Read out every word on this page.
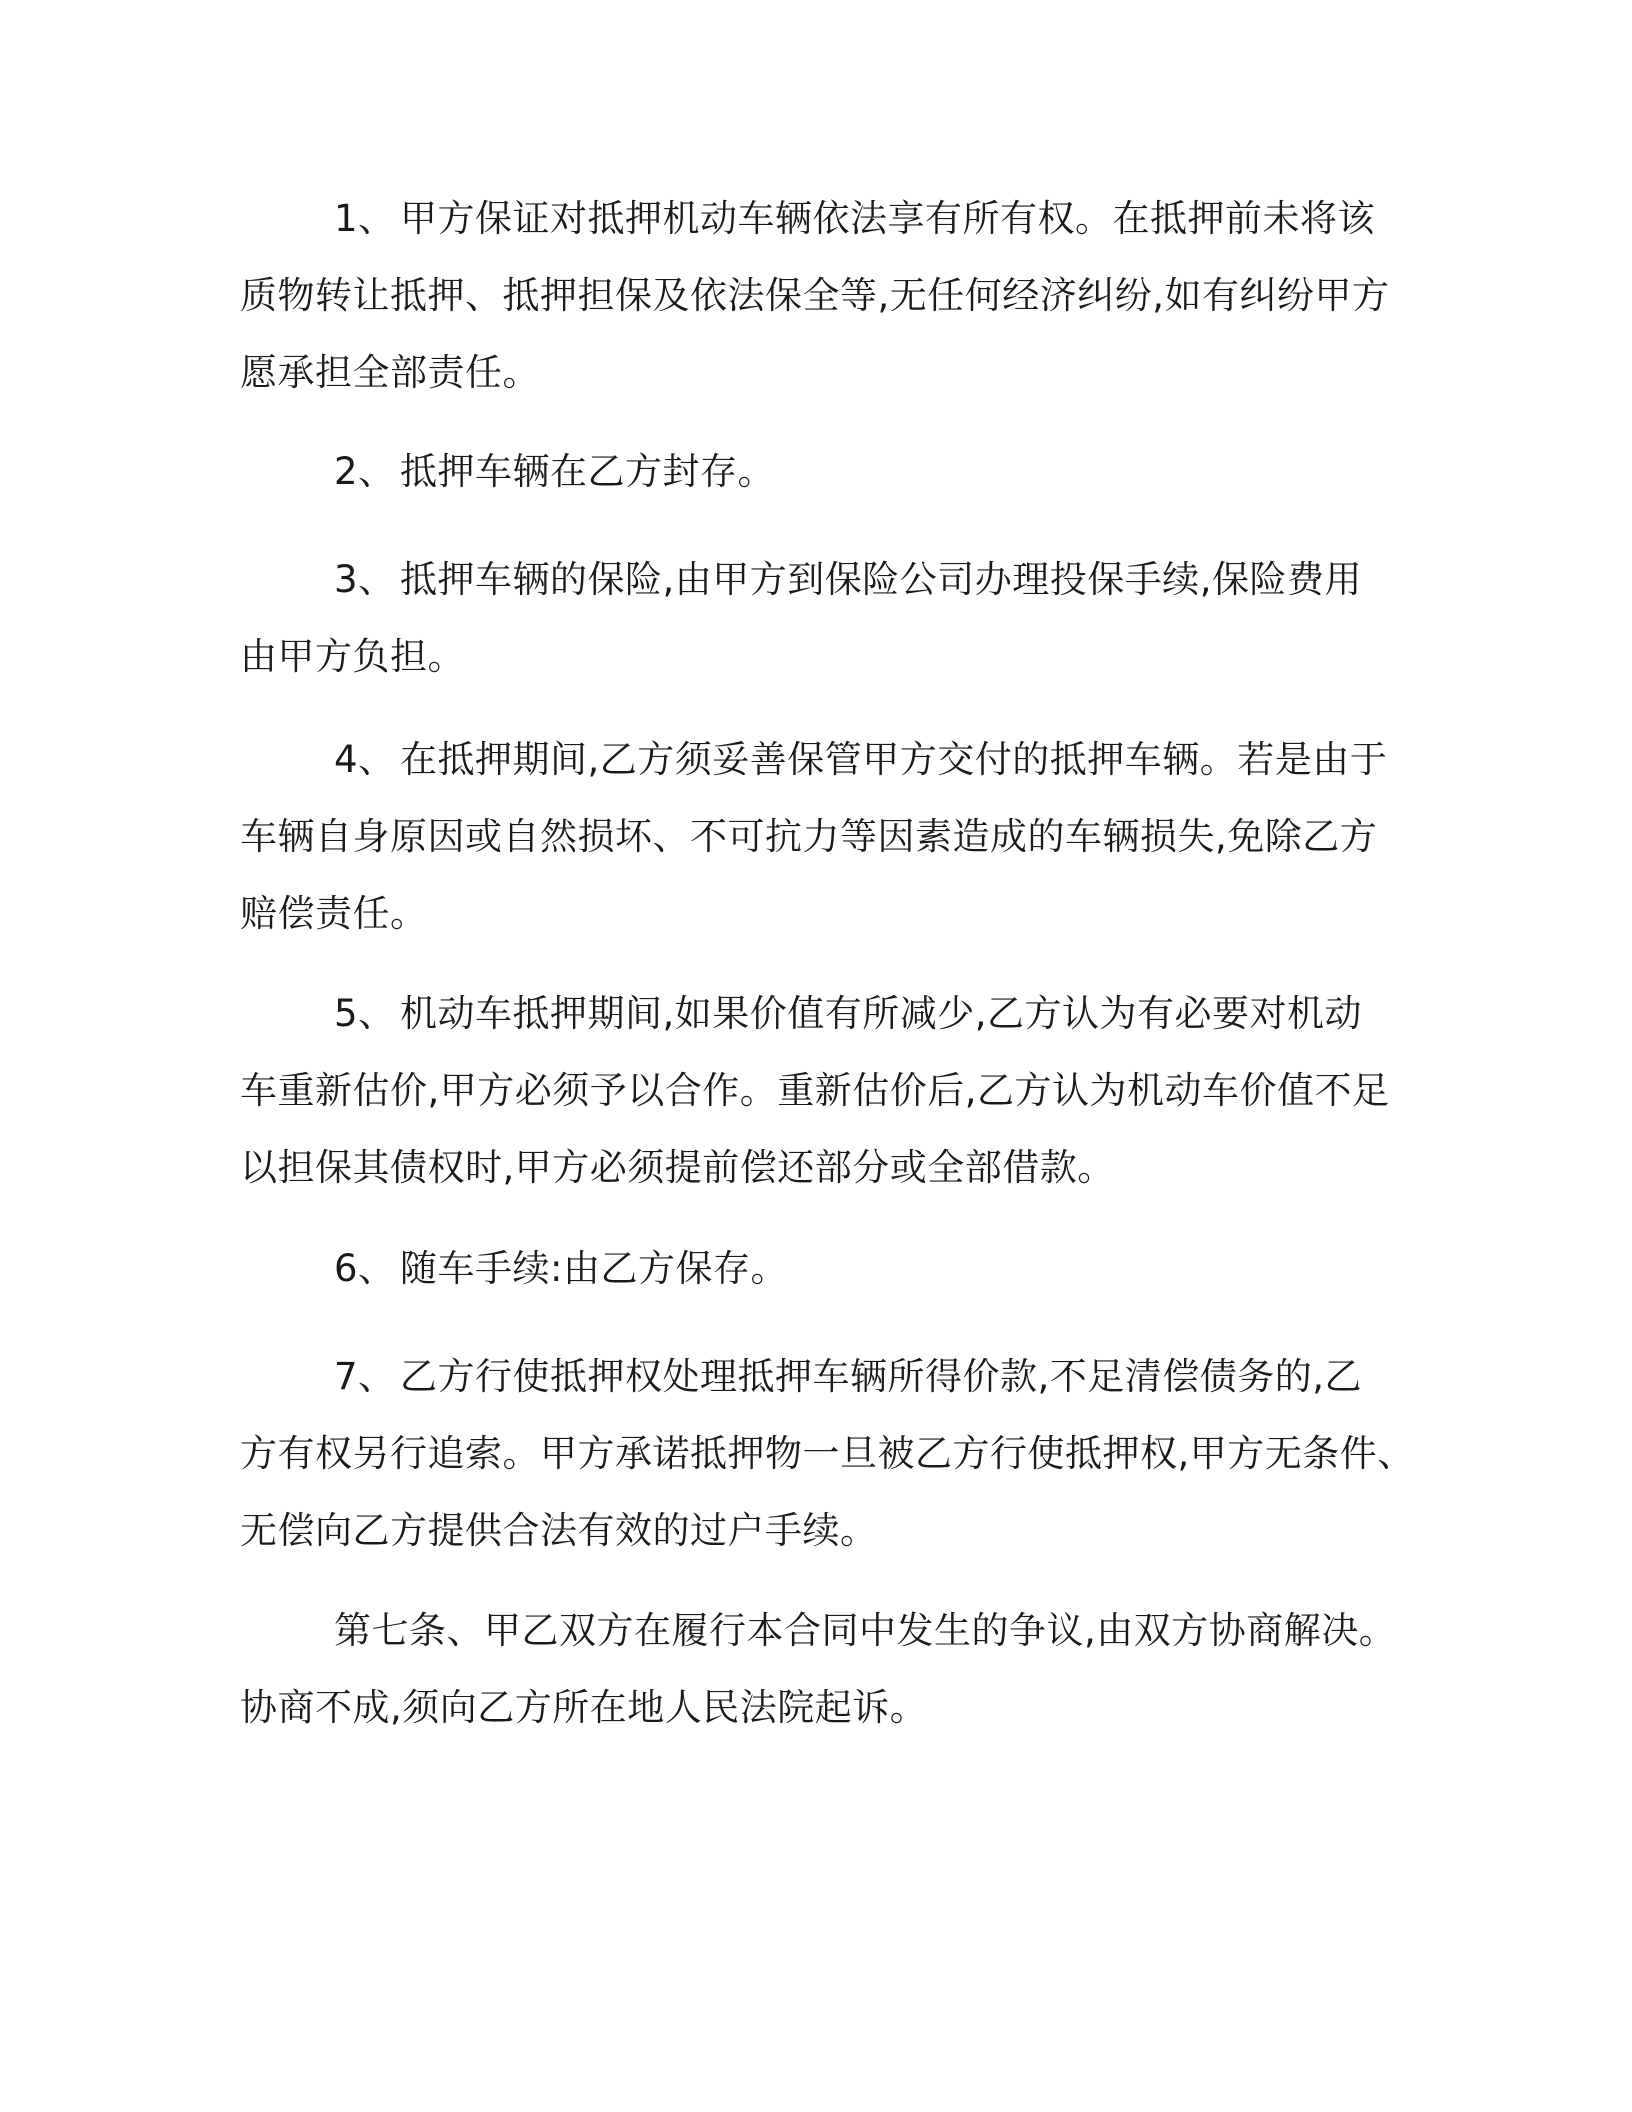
1、 甲方保证对抵押机动车辆依法享有所有权。在抵押前未将该
质物转让抵押、抵押担保及依法保全等,无任何经济纠纷,如有纠纷甲方
愿承担全部责任。
2、 抵押车辆在乙方封存。
3、 抵押车辆的保险,由甲方到保险公司办理投保手续,保险费用
由甲方负担。
4、 在抵押期间,乙方须妥善保管甲方交付的抵押车辆。若是由于
车辆自身原因或自然损坏、不可抗力等因素造成的车辆损失,免除乙方
赔偿责任。
5、 机动车抵押期间,如果价值有所减少,乙方认为有必要对机动
车重新估价,甲方必须予以合作。重新估价后,乙方认为机动车价值不足
以担保其债权时,甲方必须提前偿还部分或全部借款。
6、 随车手续:由乙方保存。
7、 乙方行使抵押权处理抵押车辆所得价款,不足清偿债务的,乙
方有权另行追索。甲方承诺抵押物一旦被乙方行使抵押权,甲方无条件、
无偿向乙方提供合法有效的过户手续。
第七条、甲乙双方在履行本合同中发生的争议,由双方协商解决。
协商不成,须向乙方所在地人民法院起诉。
